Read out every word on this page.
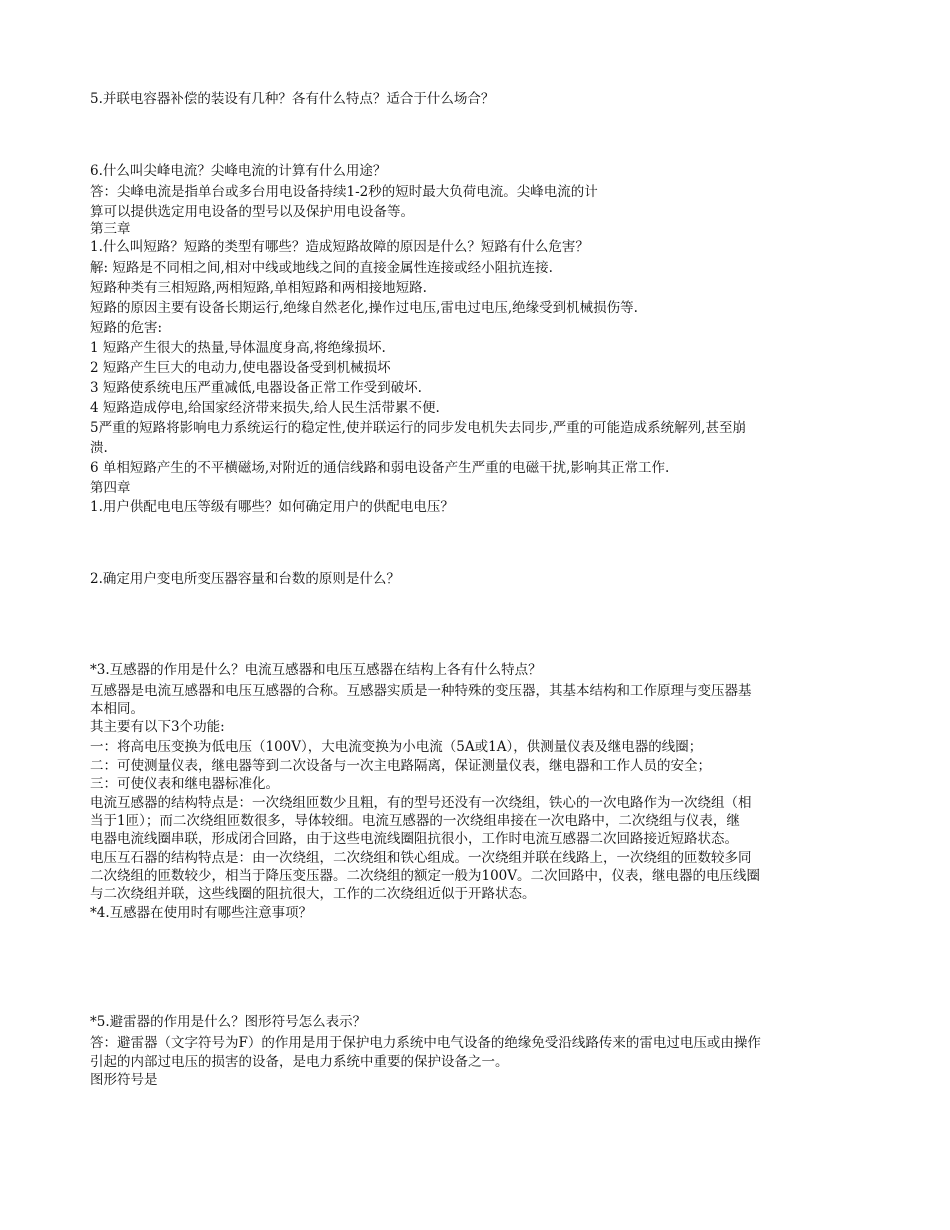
5.并联电容器补偿的装设有几种？各有什么特点？适合于什么场合？
6.什么叫尖峰电流？尖峰电流的计算有什么用途？
答：尖峰电流是指单台或多台用电设备持续1-2秒的短时最大负荷电流。尖峰电流的计
算可以提供选定用电设备的型号以及保护用电设备等。
第三章
1.什么叫短路？短路的类型有哪些？造成短路故障的原因是什么？短路有什么危害？
解: 短路是不同相之间,相对中线或地线之间的直接金属性连接或经小阻抗连接.
短路种类有三相短路,两相短路,单相短路和两相接地短路.
短路的原因主要有设备长期运行,绝缘自然老化,操作过电压,雷电过电压,绝缘受到机械损伤等.
短路的危害:
1 短路产生很大的热量,导体温度身高,将绝缘损坏.
2 短路产生巨大的电动力,使电器设备受到机械损坏
3 短路使系统电压严重减低,电器设备正常工作受到破坏.
4 短路造成停电,给国家经济带来损失,给人民生活带累不便.
5严重的短路将影响电力系统运行的稳定性,使并联运行的同步发电机失去同步,严重的可能造成系统解列,甚至崩
溃.
6 单相短路产生的不平横磁场,对附近的通信线路和弱电设备产生严重的电磁干扰,影响其正常工作.
第四章
1.用户供配电电压等级有哪些？如何确定用户的供配电电压？
2.确定用户变电所变压器容量和台数的原则是什么？
*3.互感器的作用是什么？电流互感器和电压互感器在结构上各有什么特点？
互感器是电流互感器和电压互感器的合称。互感器实质是一种特殊的变压器，其基本结构和工作原理与变压器基
本相同。
其主要有以下3个功能:
一：将高电压变换为低电压（100V），大电流变换为小电流（5A或1A），供测量仪表及继电器的线圈；
二：可使测量仪表，继电器等到二次设备与一次主电路隔离，保证测量仪表，继电器和工作人员的安全；
三：可使仪表和继电器标准化。
电流互感器的结构特点是：一次绕组匝数少且粗，有的型号还没有一次绕组，铁心的一次电路作为一次绕组（相
当于1匝）；而二次绕组匝数很多，导体较细。电流互感器的一次绕组串接在一次电路中，二次绕组与仪表，继
电器电流线圈串联，形成闭合回路，由于这些电流线圈阻抗很小，工作时电流互感器二次回路接近短路状态。
电压互石器的结构特点是：由一次绕组，二次绕组和铁心组成。一次绕组并联在线路上，一次绕组的匝数较多同
二次绕组的匝数较少，相当于降压变压器。二次绕组的额定一般为100V。二次回路中，仪表，继电器的电压线圈
与二次绕组并联，这些线圈的阻抗很大，工作的二次绕组近似于开路状态。
*4.互感器在使用时有哪些注意事项？
*5.避雷器的作用是什么？图形符号怎么表示？
答：避雷器（文字符号为F）的作用是用于保护电力系统中电气设备的绝缘免受沿线路传来的雷电过电压或由操作
引起的内部过电压的损害的设备，是电力系统中重要的保护设备之一。
图形符号是
